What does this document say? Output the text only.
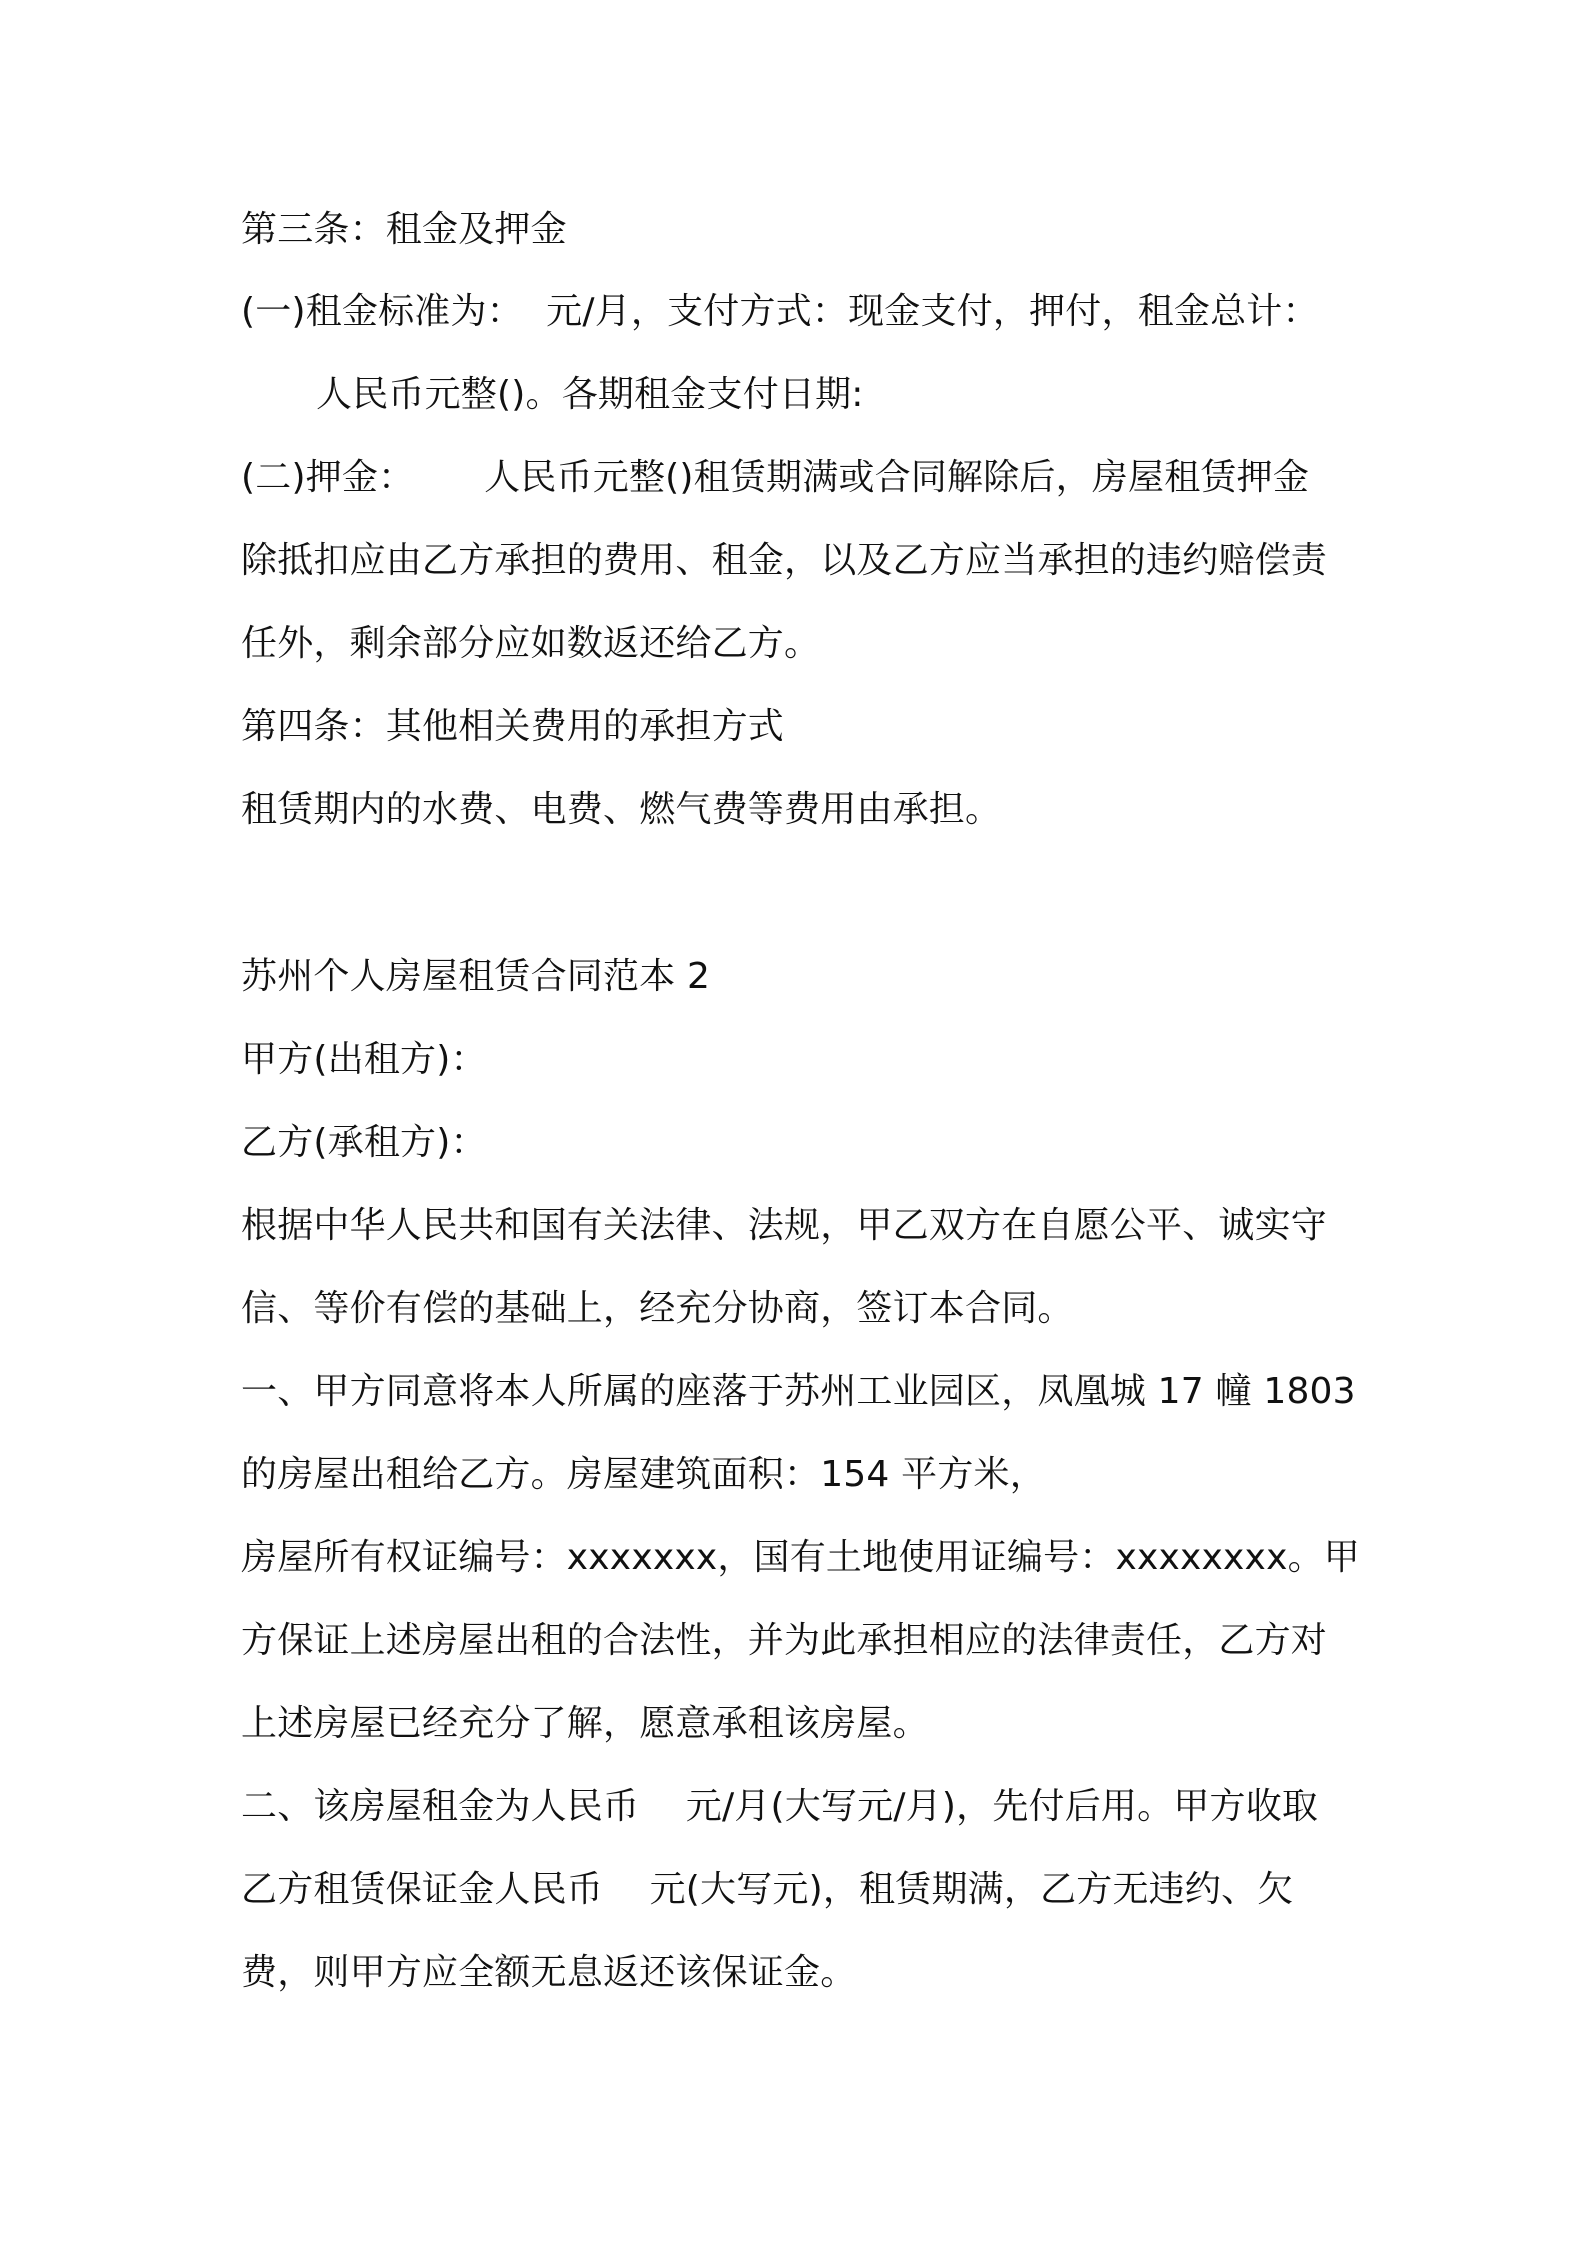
第三条：租金及押金
(一)租金标准为：  元/月，支付方式：现金支付，押付，租金总计：
人民币元整()。各期租金支付日期:
(二)押金：      人民币元整()租赁期满或合同解除后，房屋租赁押金
除抵扣应由乙方承担的费用、租金，以及乙方应当承担的违约赔偿责
任外，剩余部分应如数返还给乙方。
第四条：其他相关费用的承担方式
租赁期内的水费、电费、燃气费等费用由承担。
苏州个人房屋租赁合同范本 2
甲方(出租方)：
乙方(承租方)：
根据中华人民共和国有关法律、法规，甲乙双方在自愿公平、诚实守
信、等价有偿的基础上，经充分协商，签订本合同。
一、甲方同意将本人所属的座落于苏州工业园区，凤凰城 17 幢 1803
的房屋出租给乙方。房屋建筑面积：154 平方米，
房屋所有权证编号：xxxxxxx，国有土地使用证编号：xxxxxxxx。甲
方保证上述房屋出租的合法性，并为此承担相应的法律责任，乙方对
上述房屋已经充分了解，愿意承租该房屋。
二、该房屋租金为人民币    元/月(大写元/月)，先付后用。甲方收取
乙方租赁保证金人民币    元(大写元)，租赁期满，乙方无违约、欠
费，则甲方应全额无息返还该保证金。
